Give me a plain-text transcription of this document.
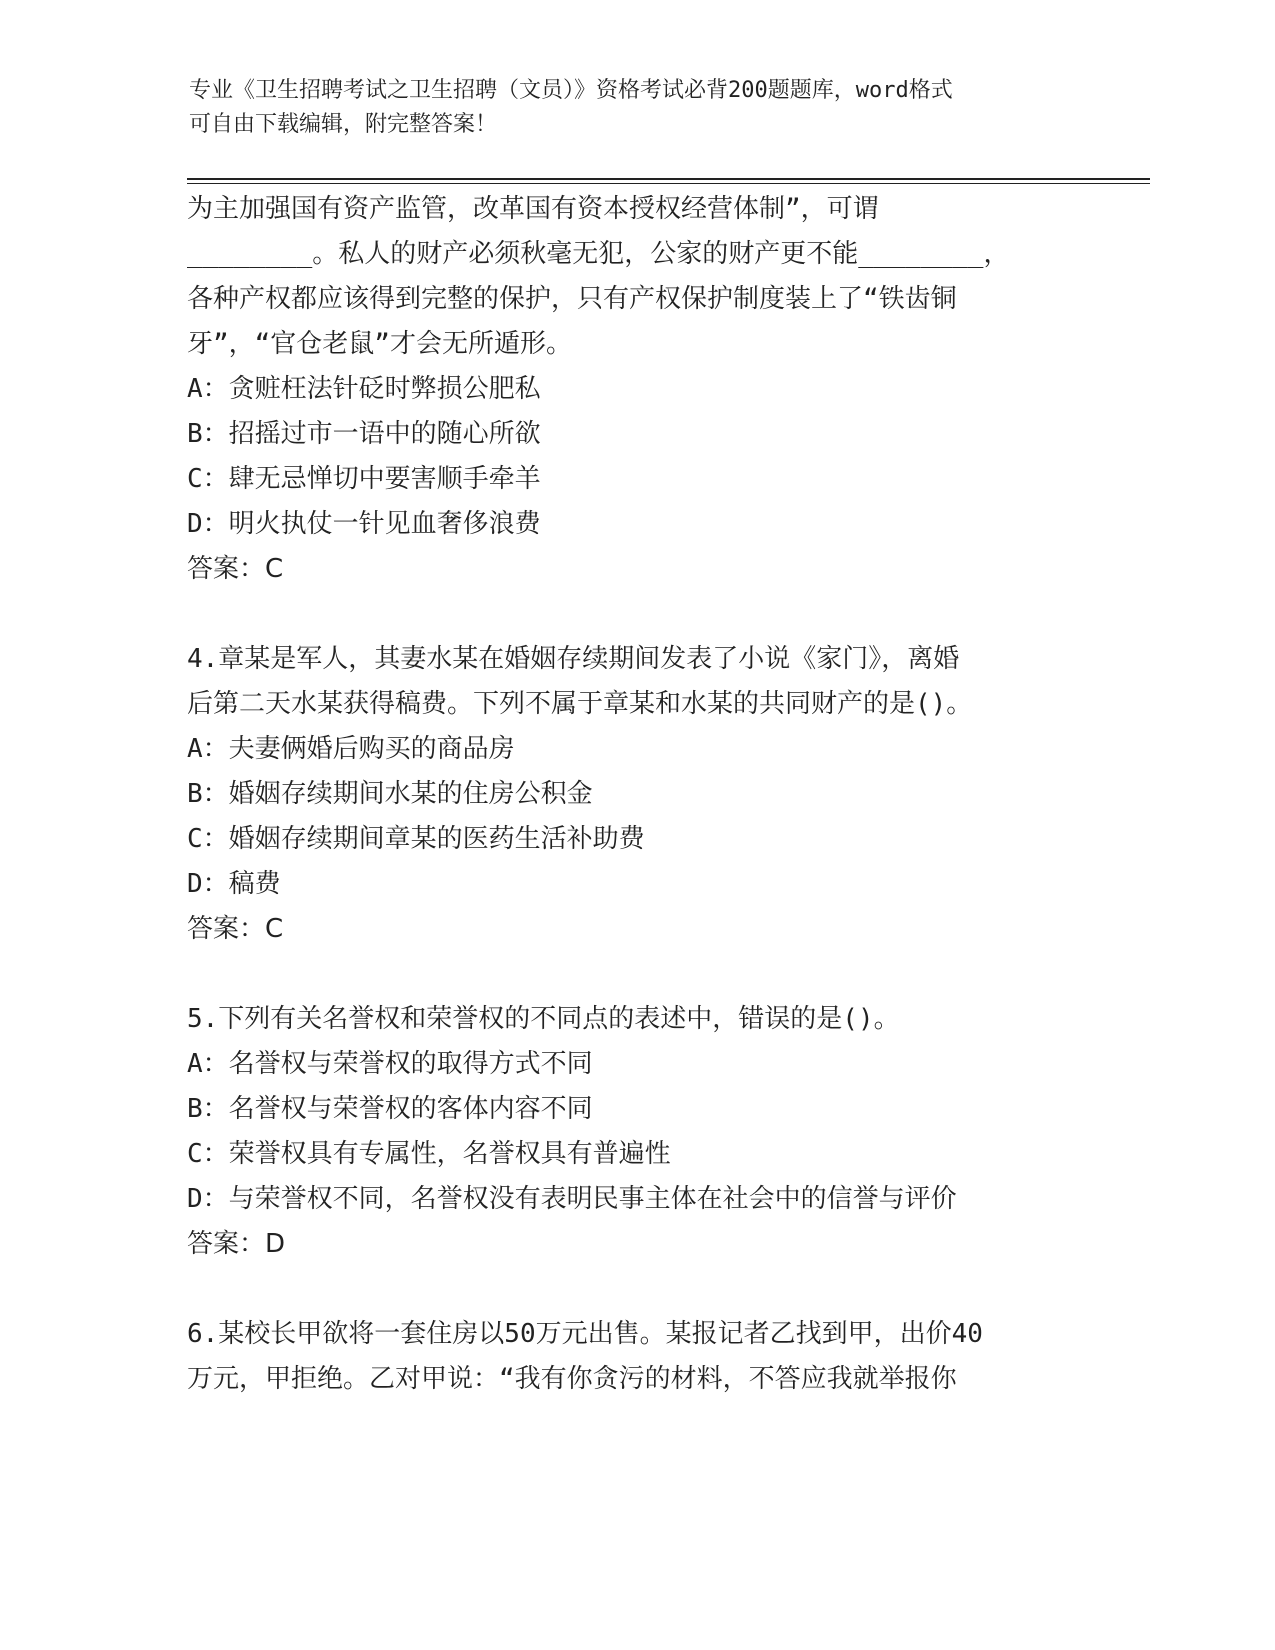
专业《卫生招聘考试之卫生招聘（文员）》资格考试必背200题题库，word格式
可自由下载编辑，附完整答案！
为主加强国有资产监管，改革国有资本授权经营体制”，可谓
________。私人的财产必须秋毫无犯，公家的财产更不能________，
各种产权都应该得到完整的保护，只有产权保护制度装上了“铁齿铜
牙”，“官仓老鼠”才会无所遁形。
A：贪赃枉法针砭时弊损公肥私
B：招摇过市一语中的随心所欲
C：肆无忌惮切中要害顺手牵羊
D：明火执仗一针见血奢侈浪费
答案：C
4.章某是军人，其妻水某在婚姻存续期间发表了小说《家门》，离婚
后第二天水某获得稿费。下列不属于章某和水某的共同财产的是()。
A：夫妻俩婚后购买的商品房
B：婚姻存续期间水某的住房公积金
C：婚姻存续期间章某的医药生活补助费
D：稿费
答案：C
5.下列有关名誉权和荣誉权的不同点的表述中，错误的是()。
A：名誉权与荣誉权的取得方式不同
B：名誉权与荣誉权的客体内容不同
C：荣誉权具有专属性，名誉权具有普遍性
D：与荣誉权不同，名誉权没有表明民事主体在社会中的信誉与评价
答案：D
6.某校长甲欲将一套住房以50万元出售。某报记者乙找到甲，出价40
万元，甲拒绝。乙对甲说：“我有你贪污的材料，不答应我就举报你
